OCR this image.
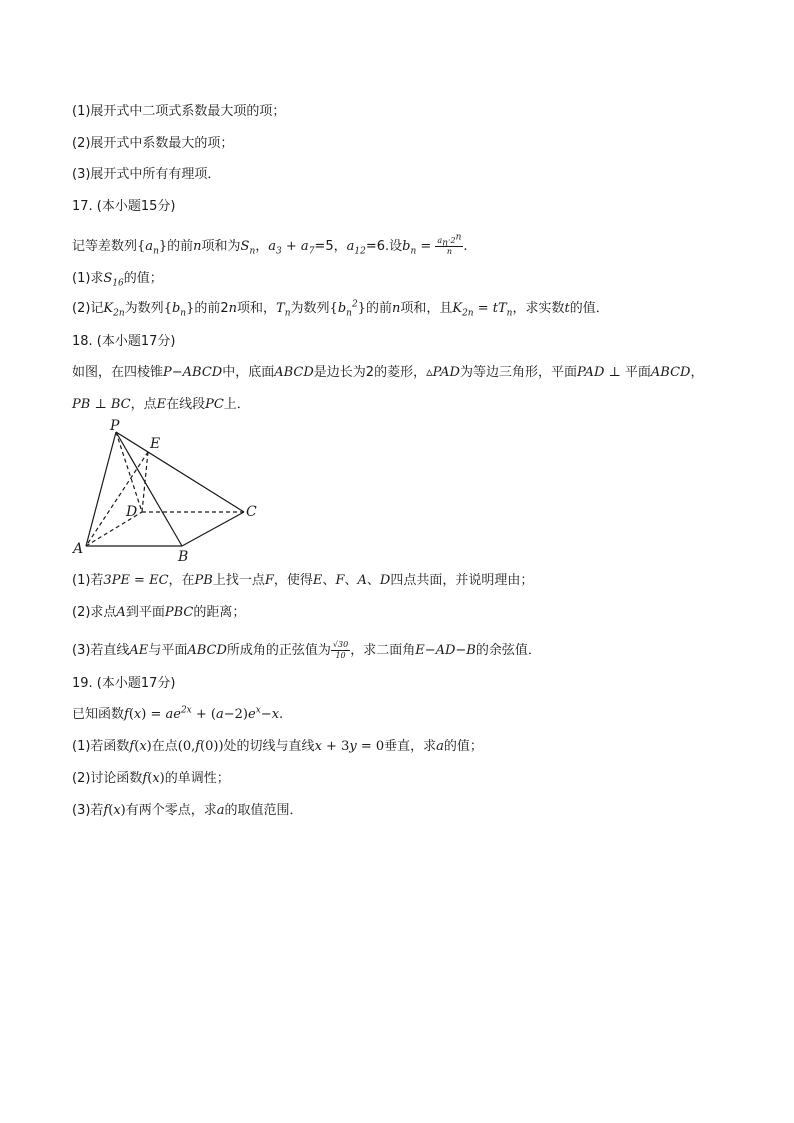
(1)展开式中二项式系数最大项的项；
(2)展开式中系数最大的项；
(3)展开式中所有有理项．
17. (本小题15分)
记等差数列$\{a_n\}$的前n项和为$S_n$，$a_3 + a_7=5$，$a_{12}=6$.设$b_n = \frac{a_n\cdot 2^n}{n}$ .
(1)求$S_{16}$的值；
(2)记$K_{2n}$为数列$\{b_n\}$的前2n项和，$T_n$为数列$\{b_n^2\}$的前n项和，且$K_{2n} = tT_n$，求实数t的值．
18. (本小题17分)
如图，在四棱锥P−ABCD中，底面ABCD是边长为2的菱形，▵PAD为等边三角形，平面PAD ⊥ 平面ABCD，
PB ⊥ BC，点E在线段PC上．
P
E
D	C
A	B
(1)若3PE = EC，在PB上找一点F，使得E、F、A、D四点共面，并说明理由；
(2)求点A到平面PBC的距离；
(3)若直线AE与平面ABCD所成角的正弦值为 $\frac{√30}{10}$ ，求二面角E−AD−B的余弦值．
19. (本小题17分)
已知函数$f(x) = ae^{2x} + (a-2)e^x-x$.
(1)若函数f(x)在点(0,f(0))处的切线与直线x + 3y = 0垂直，求a的值；
(2)讨论函数f(x)的单调性；
(3)若f(x)有两个零点，求a的取值范围．
